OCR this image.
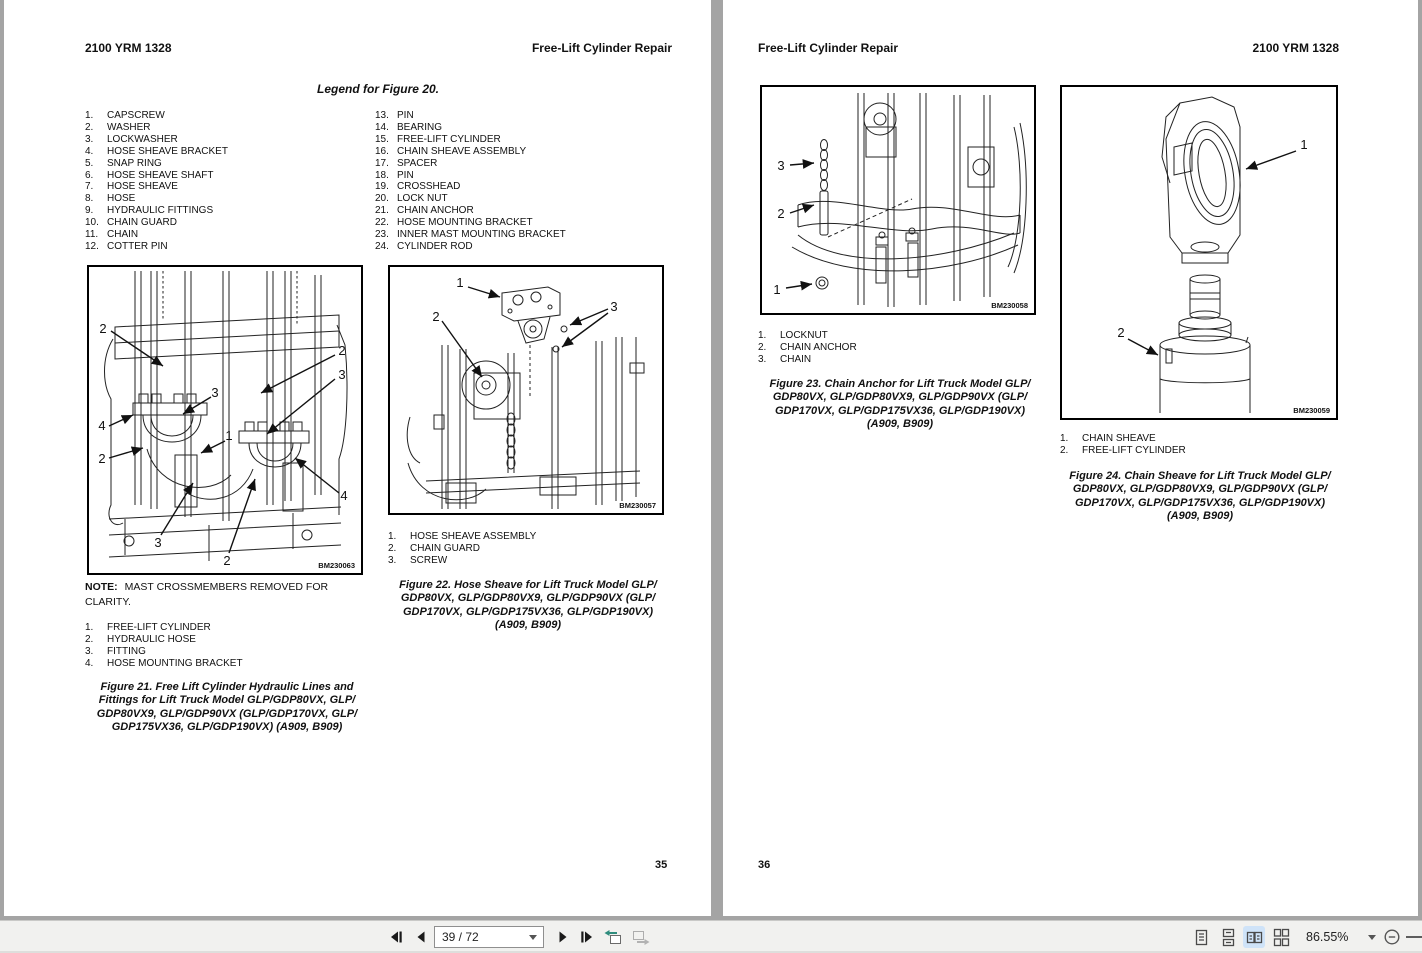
2100 YRM 1328	Free-Lift Cylinder Repair
Legend for Figure 20.
1. CAPSCREW
2. WASHER
3. LOCKWASHER
4. HOSE SHEAVE BRACKET
5. SNAP RING
6. HOSE SHEAVE SHAFT
7. HOSE SHEAVE
8. HOSE
9. HYDRAULIC FITTINGS
10. CHAIN GUARD
11. CHAIN
12. COTTER PIN
13. PIN
14. BEARING
15. FREE-LIFT CYLINDER
16. CHAIN SHEAVE ASSEMBLY
17. SPACER
18. PIN
19. CROSSHEAD
20. LOCK NUT
21. CHAIN ANCHOR
22. HOSE MOUNTING BRACKET
23. INNER MAST MOUNTING BRACKET
24. CYLINDER ROD
2
2
3
3
4
1
2
4
3
2	BM230063
NOTE: MAST CROSSMEMBERS REMOVED FOR
CLARITY.
1. FREE-LIFT CYLINDER
2. HYDRAULIC HOSE
3. FITTING
4. HOSE MOUNTING BRACKET
Figure 21. Free Lift Cylinder Hydraulic Lines and
Fittings for Lift Truck Model GLP/GDP80VX, GLP/
GDP80VX9, GLP/GDP90VX (GLP/GDP170VX, GLP/
GDP175VX36, GLP/GDP190VX) (A909, B909)
1
3
2
BM230057
1. HOSE SHEAVE ASSEMBLY
2. CHAIN GUARD
3. SCREW
Figure 22. Hose Sheave for Lift Truck Model GLP/
GDP80VX, GLP/GDP80VX9, GLP/GDP90VX (GLP/
GDP170VX, GLP/GDP175VX36, GLP/GDP190VX)
(A909, B909)
35
Free-Lift Cylinder Repair	2100 YRM 1328
3
2
1
BM230058
1. LOCKNUT
2. CHAIN ANCHOR
3. CHAIN
Figure 23. Chain Anchor for Lift Truck Model GLP/
GDP80VX, GLP/GDP80VX9, GLP/GDP90VX (GLP/
GDP170VX, GLP/GDP175VX36, GLP/GDP190VX)
(A909, B909)
1
2
BM230059
1. CHAIN SHEAVE
2. FREE-LIFT CYLINDER
Figure 24. Chain Sheave for Lift Truck Model GLP/
GDP80VX, GLP/GDP80VX9, GLP/GDP90VX (GLP/
GDP170VX, GLP/GDP175VX36, GLP/GDP190VX)
(A909, B909)
36
39 / 72
86.55%
